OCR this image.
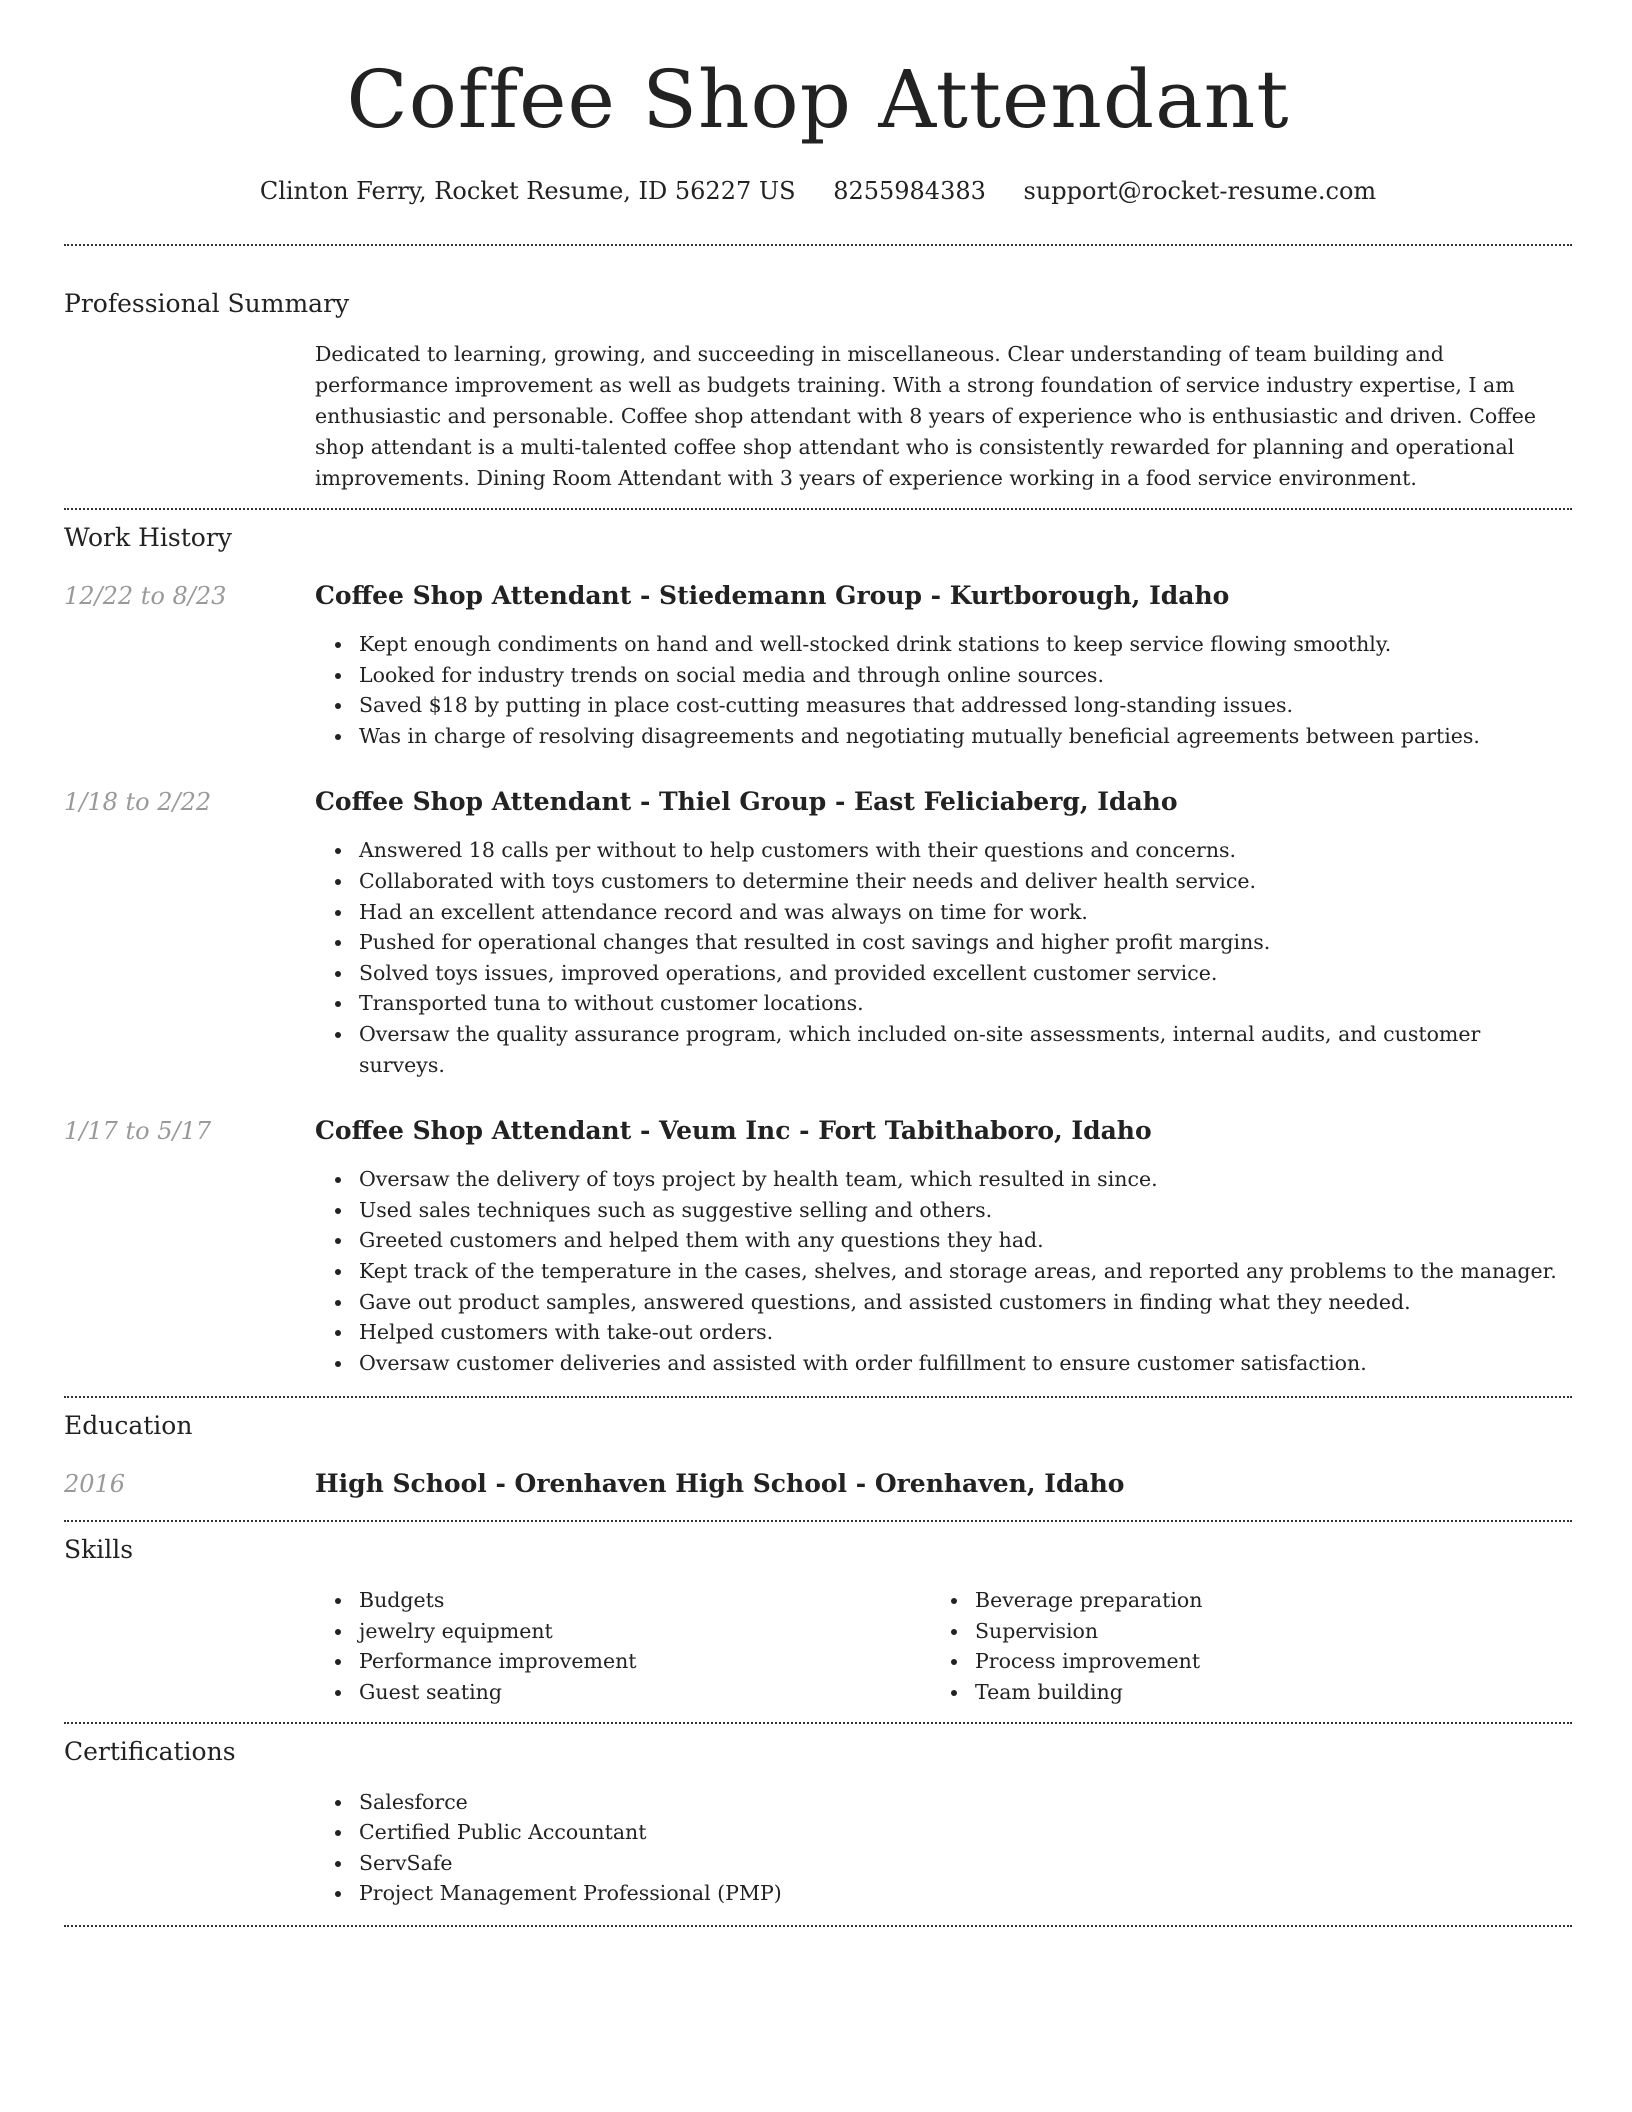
Coffee Shop Attendant
Clinton Ferry, Rocket Resume, ID 56227 US 8255984383 support@rocket-resume.com
Professional Summary

Dedicated to learning, growing, and succeeding in miscellaneous. Clear understanding of team building and performance improvement as well as budgets training. With a strong foundation of service industry expertise, I am enthusiastic and personable. Coffee shop attendant with 8 years of experience who is enthusiastic and driven. Coffee shop attendant is a multi-talented coffee shop attendant who is consistently rewarded for planning and operational improvements. Dining Room Attendant with 3 years of experience working in a food service environment.

Work History
12/22 to 8/23	Coffee Shop Attendant - Stiedemann Group - Kurtborough, Idaho
Kept enough condiments on hand and well-stocked drink stations to keep service flowing smoothly.
Looked for industry trends on social media and through online sources.
Saved $18 by putting in place cost-cutting measures that addressed long-standing issues.
Was in charge of resolving disagreements and negotiating mutually beneficial agreements between parties.
1/18 to 2/22	Coffee Shop Attendant - Thiel Group - East Feliciaberg, Idaho
Answered 18 calls per without to help customers with their questions and concerns.
Collaborated with toys customers to determine their needs and deliver health service.
Had an excellent attendance record and was always on time for work.
Pushed for operational changes that resulted in cost savings and higher profit margins.
Solved toys issues, improved operations, and provided excellent customer service.
Transported tuna to without customer locations.
Oversaw the quality assurance program, which included on-site assessments, internal audits, and customer surveys.
1/17 to 5/17	Coffee Shop Attendant - Veum Inc - Fort Tabithaboro, Idaho
Oversaw the delivery of toys project by health team, which resulted in since.
Used sales techniques such as suggestive selling and others.
Greeted customers and helped them with any questions they had.
Kept track of the temperature in the cases, shelves, and storage areas, and reported any problems to the manager.
Gave out product samples, answered questions, and assisted customers in finding what they needed.
Helped customers with take-out orders.
Oversaw customer deliveries and assisted with order fulfillment to ensure customer satisfaction.
Education
2016	High School - Orenhaven High School - Orenhaven, Idaho
Skills
Budgets
jewelry equipment
Performance improvement
Guest seating
Beverage preparation
Supervision
Process improvement
Team building
Certifications
Salesforce
Certified Public Accountant
ServSafe
Project Management Professional (PMP)
